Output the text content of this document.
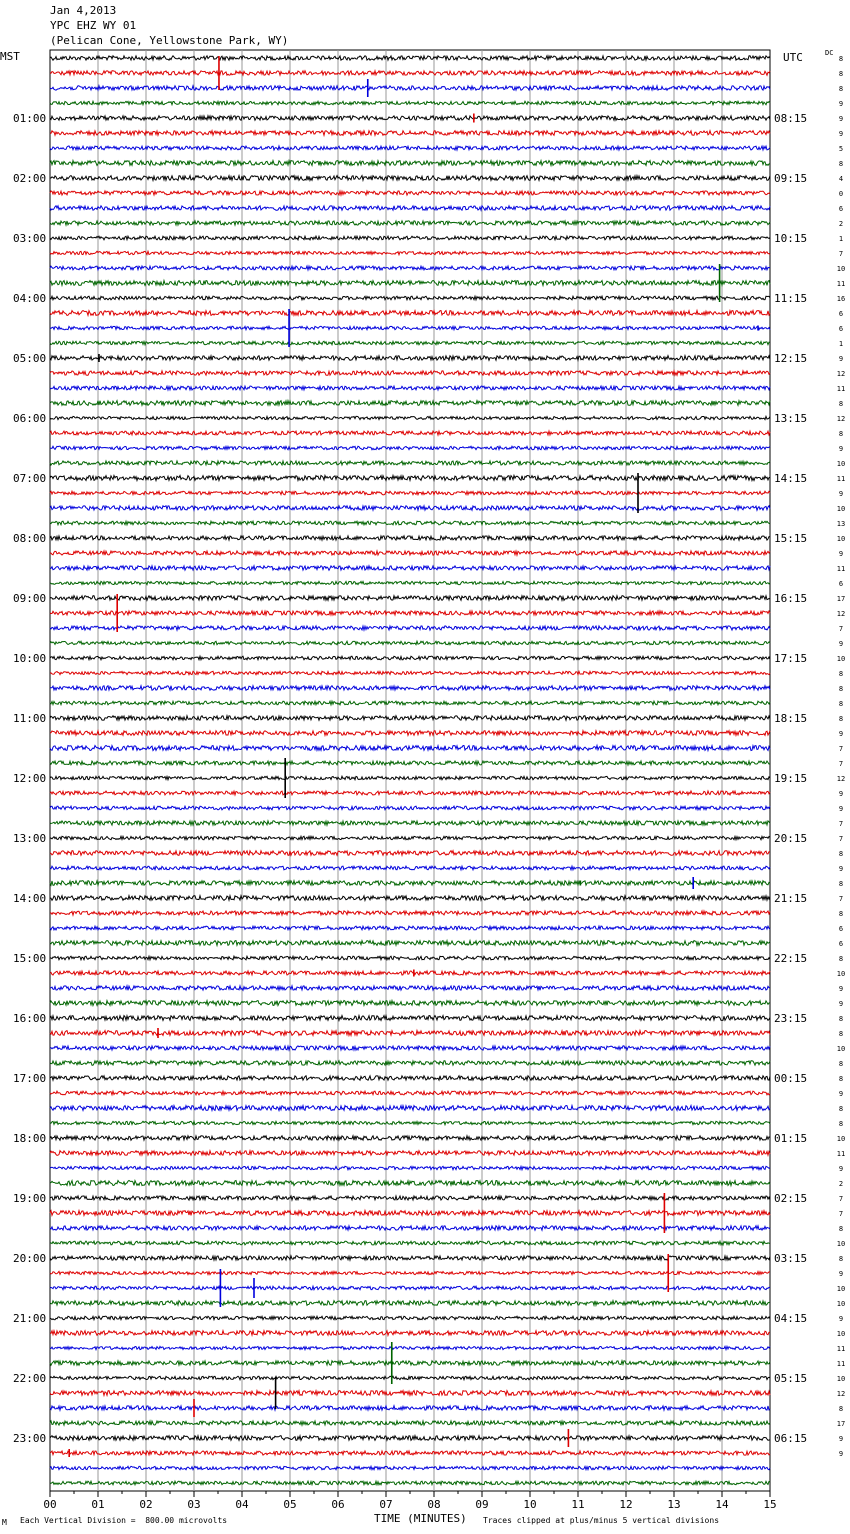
Jan 4,2013
YPC EHZ WY 01
(Pelican Cone, Yellowstone Park, WY)
MST	UTC	DC
00	01	02	03	04	05	06	07	08	09	10	11	12	13	14	15
01:00
02:00
03:00
04:00
05:00
06:00
07:00
08:00
09:00
10:00
11:00
12:00
13:00
14:00
15:00
16:00
17:00
18:00
19:00
20:00
21:00
22:00
23:00
08:15
09:15
10:15
11:15
12:15
13:15
14:15
15:15
16:15
17:15
18:15
19:15
20:15
21:15
22:15
23:15
00:15
01:15
02:15
03:15
04:15
05:15
06:15
8
8
8
9
9
9
5
8
4
0
6
2
1
7
10
11
16
6
6
1
9
12
11
8
12
8
9
10
11
9
10
13
10
9
11
6
17
12
7
9
10
8
8
8
8
9
7
7
12
9
9
7
7
8
9
8
7
8
6
6
8
10
9
9
8
8
10
8
8
9
8
8
10
11
9
2
7
7
8
10
8
9
10
10
9
10
11
11
10
12
8
17
9
9
M Each Vertical Division =  800.00 microvolts	TIME (MINUTES) Traces clipped at plus/minus 5 vertical divisions
